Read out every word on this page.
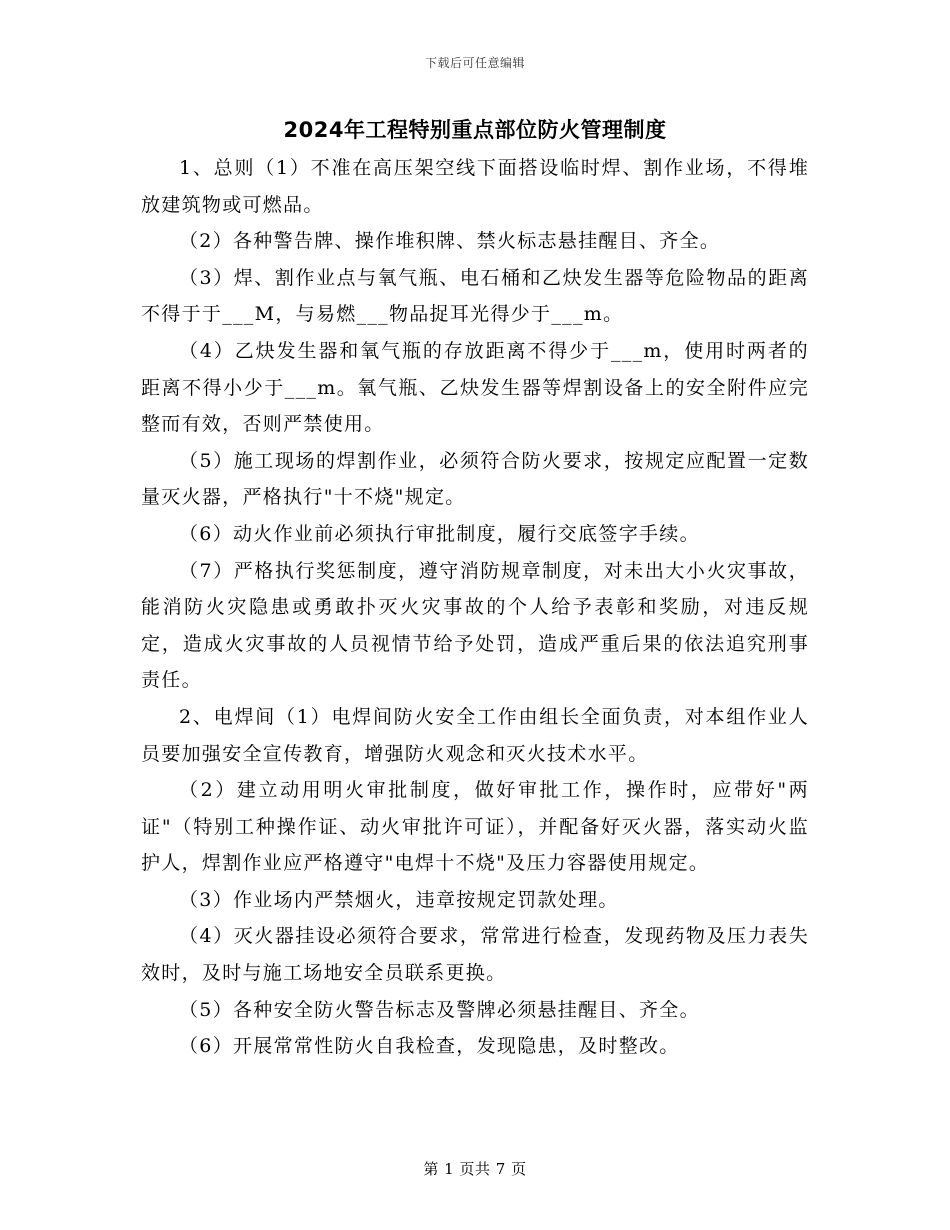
下载后可任意编辑
2024年工程特别重点部位防火管理制度

1、总则（1）不准在高压架空线下面搭设临时焊、割作业场，不得堆放建筑物或可燃品。

（2）各种警告牌、操作堆积牌、禁火标志悬挂醒目、齐全。

（3）焊、割作业点与氧气瓶、电石桶和乙炔发生器等危险物品的距离不得于于___M，与易燃___物品捉耳光得少于___m。

（4）乙炔发生器和氧气瓶的存放距离不得少于___m，使用时两者的距离不得小少于___m。氧气瓶、乙炔发生器等焊割设备上的安全附件应完整而有效，否则严禁使用。

（5）施工现场的焊割作业，必须符合防火要求，按规定应配置一定数量灭火器，严格执行"十不烧"规定。

（6）动火作业前必须执行审批制度，履行交底签字手续。

（7）严格执行奖惩制度，遵守消防规章制度，对未出大小火灾事故，能消防火灾隐患或勇敢扑灭火灾事故的个人给予表彰和奖励，对违反规定，造成火灾事故的人员视情节给予处罚，造成严重后果的依法追究刑事责任。

2、电焊间（1）电焊间防火安全工作由组长全面负责，对本组作业人员要加强安全宣传教育，增强防火观念和灭火技术水平。

（2）建立动用明火审批制度，做好审批工作，操作时，应带好"两证"（特别工种操作证、动火审批许可证），并配备好灭火器，落实动火监护人，焊割作业应严格遵守"电焊十不烧"及压力容器使用规定。

（3）作业场内严禁烟火，违章按规定罚款处理。

（4）灭火器挂设必须符合要求，常常进行检查，发现药物及压力表失效时，及时与施工场地安全员联系更换。

（5）各种安全防火警告标志及警牌必须悬挂醒目、齐全。

（6）开展常常性防火自我检查，发现隐患，及时整改。

第 1 页共 7 页
